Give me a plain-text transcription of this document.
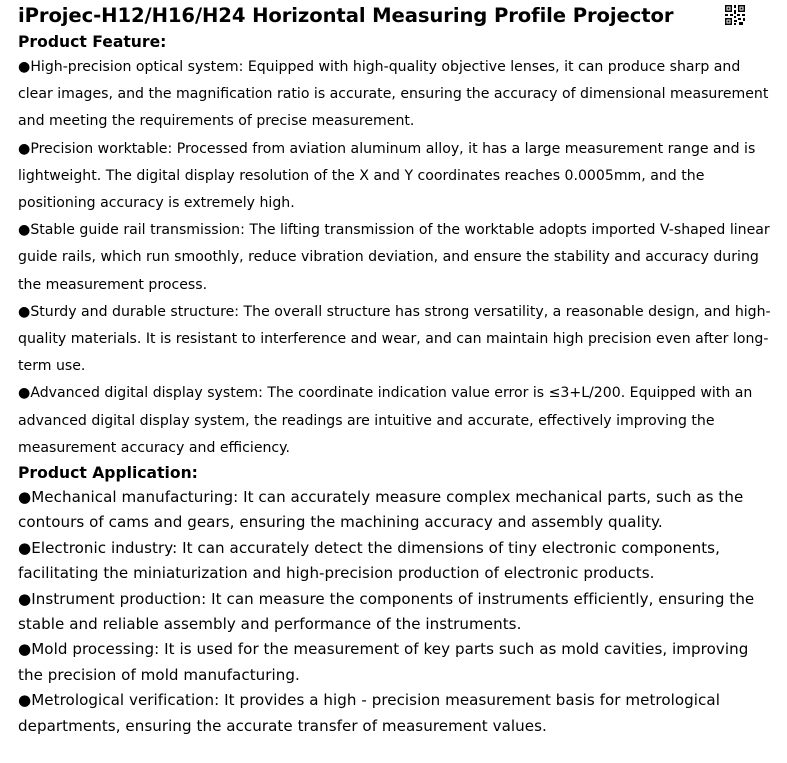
iProjec-H12/H16/H24 Horizontal Measuring Profile Projector
Product Feature:
●High-precision optical system: Equipped with high-quality objective lenses, it can produce sharp and clear images, and the magnification ratio is accurate, ensuring the accuracy of dimensional measurement and meeting the requirements of precise measurement.
●Precision worktable: Processed from aviation aluminum alloy, it has a large measurement range and is lightweight. The digital display resolution of the X and Y coordinates reaches 0.0005mm, and the positioning accuracy is extremely high.
●Stable guide rail transmission: The lifting transmission of the worktable adopts imported V-shaped linear guide rails, which run smoothly, reduce vibration deviation, and ensure the stability and accuracy during the measurement process.
●Sturdy and durable structure: The overall structure has strong versatility, a reasonable design, and high-quality materials. It is resistant to interference and wear, and can maintain high precision even after long-term use.
●Advanced digital display system: The coordinate indication value error is ≤3+L/200. Equipped with an advanced digital display system, the readings are intuitive and accurate, effectively improving the measurement accuracy and efficiency.
Product Application:
●Mechanical manufacturing: It can accurately measure complex mechanical parts, such as the contours of cams and gears, ensuring the machining accuracy and assembly quality.
●Electronic industry: It can accurately detect the dimensions of tiny electronic components, facilitating the miniaturization and high-precision production of electronic products.
●Instrument production: It can measure the components of instruments efficiently, ensuring the stable and reliable assembly and performance of the instruments.
●Mold processing: It is used for the measurement of key parts such as mold cavities, improving the precision of mold manufacturing.
●Metrological verification: It provides a high - precision measurement basis for metrological departments, ensuring the accurate transfer of measurement values.
